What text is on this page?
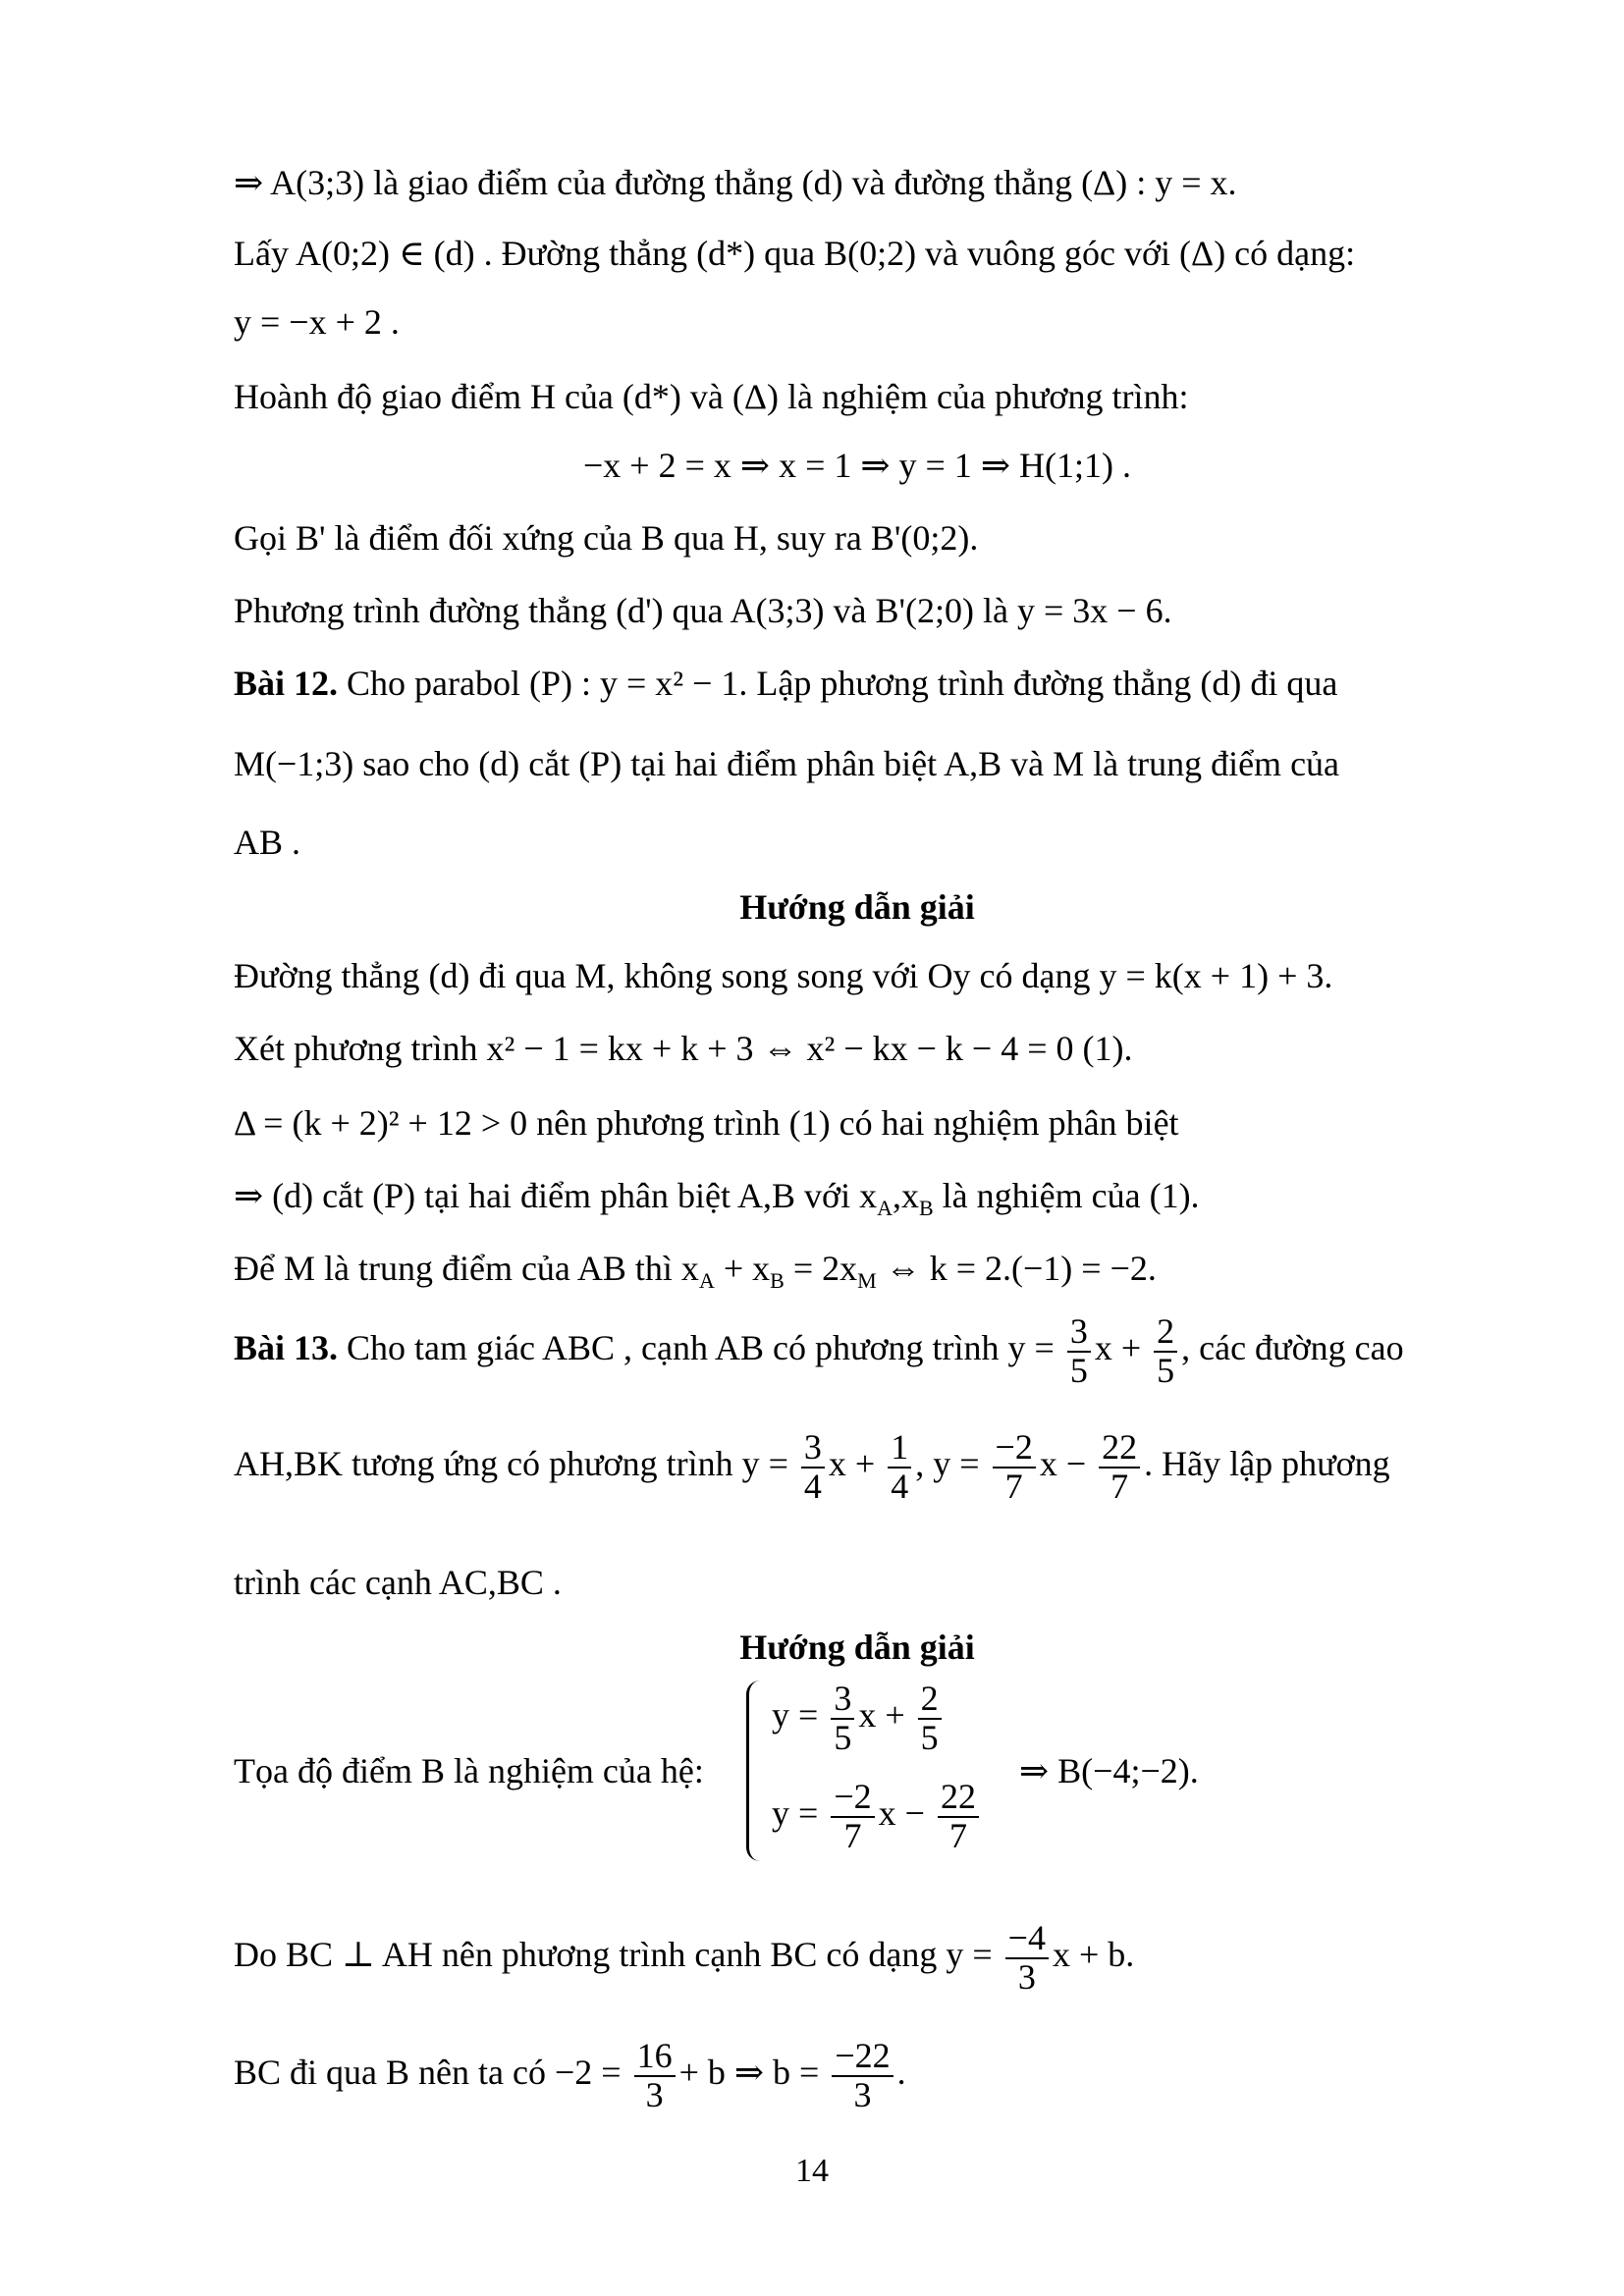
⇒ A(3;3) là giao điểm của đường thẳng (d) và đường thẳng (Δ) : y = x.
Lấy A(0;2) ∈ (d) . Đường thẳng (d*) qua B(0;2) và vuông góc với (Δ) có dạng:
y = −x + 2 .
Hoành độ giao điểm H của (d*) và (Δ) là nghiệm của phương trình:
−x + 2 = x ⇒ x = 1 ⇒ y = 1 ⇒ H(1;1) .
Gọi B' là điểm đối xứng của B qua H, suy ra B'(0;2).
Phương trình đường thẳng (d') qua A(3;3) và B'(2;0) là y = 3x − 6.
Bài 12. Cho parabol (P) : y = x² − 1. Lập phương trình đường thẳng (d) đi qua
M(−1;3) sao cho (d) cắt (P) tại hai điểm phân biệt A,B và M là trung điểm của
AB .
Hướng dẫn giải
Đường thẳng (d) đi qua M, không song song với Oy có dạng y = k(x + 1) + 3.
Xét phương trình x² − 1 = kx + k + 3 ⇔ x² − kx − k − 4 = 0 (1).
Δ = (k + 2)² + 12 > 0 nên phương trình (1) có hai nghiệm phân biệt
⇒ (d) cắt (P) tại hai điểm phân biệt A,B với $x_A,x_B$ là nghiệm của (1).
Để M là trung điểm của AB thì $x_A + x_B = 2x_M$ ⇔ k = 2.(−1) = −2.
Bài 13. Cho tam giác ABC , cạnh AB có phương trình $y = \frac{3}{5}$ $x + \frac{2}{5}$ , các đường cao
AH,BK tương ứng có phương trình $y = \frac{3}{4}$ $x + \frac{1}{4}$ , $y = \frac{-2}{7}$ $x - \frac{22}{7}$ . Hãy lập phương
trình các cạnh AC,BC .
Hướng dẫn giải
Tọa độ điểm B là nghiệm của hệ:
$y = \frac{3}{5}$ $x + \frac{2}{5}$
$y = \frac{-2}{7}$ $x - \frac{22}{7}$
⇒ B(−4;−2).
Do BC ⊥ AH nên phương trình cạnh BC có dạng $y = \frac{-4}{3}$ x + b.
BC đi qua B nên ta có $-2 = \frac{16}{3} + b$ ⇒ $b = \frac{-22}{3}$ .
14
